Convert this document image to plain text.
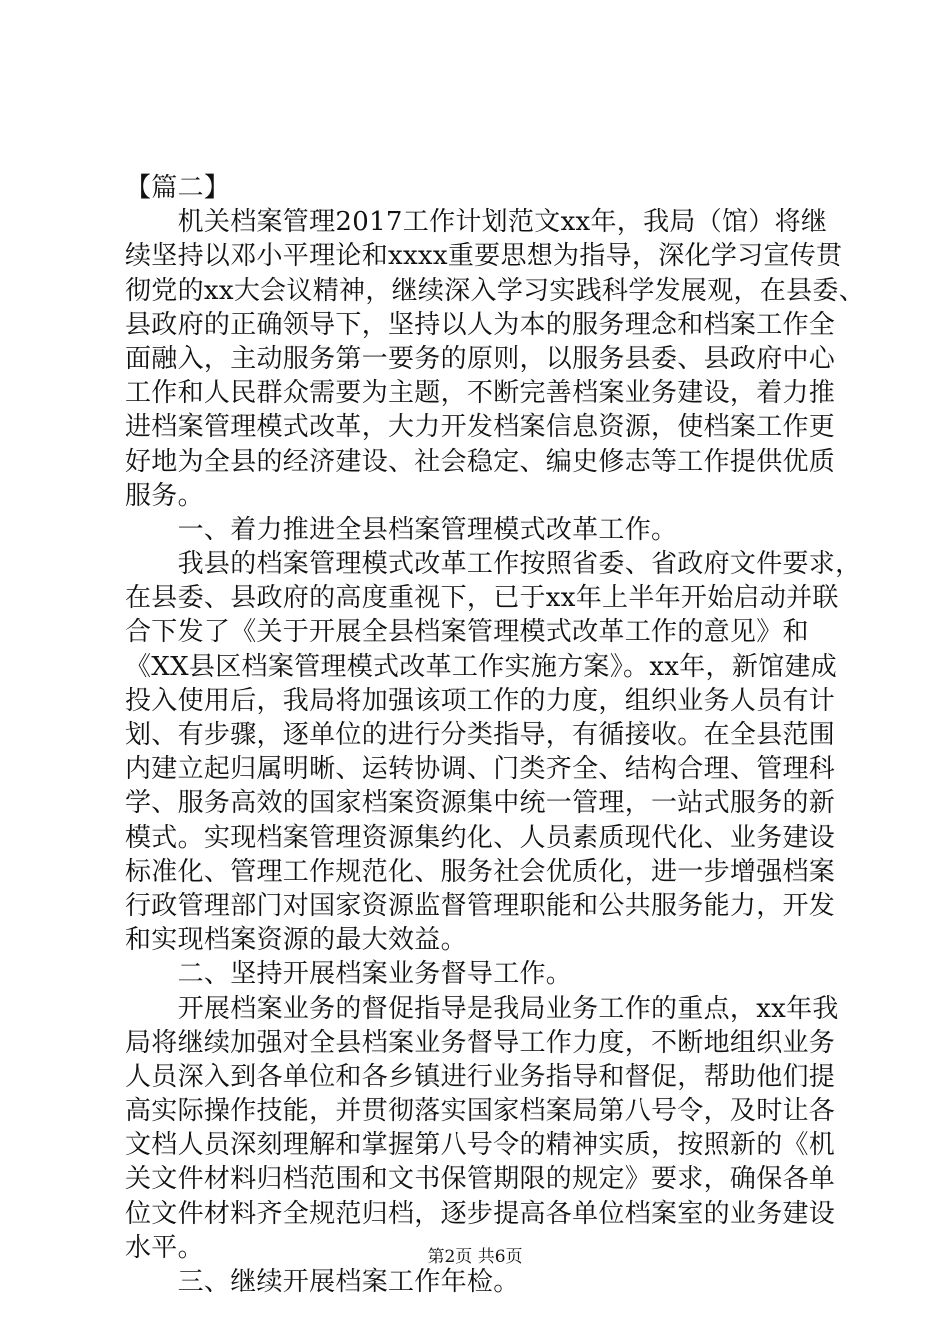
【篇二】
　　机关档案管理2017工作计划范文xx年，我局（馆）将继
续坚持以邓小平理论和xxxx重要思想为指导，深化学习宣传贯
彻党的xx大会议精神，继续深入学习实践科学发展观，在县委、
县政府的正确领导下，坚持以人为本的服务理念和档案工作全
面融入，主动服务第一要务的原则，以服务县委、县政府中心
工作和人民群众需要为主题，不断完善档案业务建设，着力推
进档案管理模式改革，大力开发档案信息资源，使档案工作更
好地为全县的经济建设、社会稳定、编史修志等工作提供优质
服务。
　　一、着力推进全县档案管理模式改革工作。
　　我县的档案管理模式改革工作按照省委、省政府文件要求，
在县委、县政府的高度重视下，已于xx年上半年开始启动并联
合下发了《关于开展全县档案管理模式改革工作的意见》和
《XX县区档案管理模式改革工作实施方案》。xx年，新馆建成
投入使用后，我局将加强该项工作的力度，组织业务人员有计
划、有步骤，逐单位的进行分类指导，有循接收。在全县范围
内建立起归属明晰、运转协调、门类齐全、结构合理、管理科
学、服务高效的国家档案资源集中统一管理，一站式服务的新
模式。实现档案管理资源集约化、人员素质现代化、业务建设
标准化、管理工作规范化、服务社会优质化，进一步增强档案
行政管理部门对国家资源监督管理职能和公共服务能力，开发
和实现档案资源的最大效益。
　　二、坚持开展档案业务督导工作。
　　开展档案业务的督促指导是我局业务工作的重点，xx年我
局将继续加强对全县档案业务督导工作力度，不断地组织业务
人员深入到各单位和各乡镇进行业务指导和督促，帮助他们提
高实际操作技能，并贯彻落实国家档案局第八号令，及时让各
文档人员深刻理解和掌握第八号令的精神实质，按照新的《机
关文件材料归档范围和文书保管期限的规定》要求，确保各单
位文件材料齐全规范归档，逐步提高各单位档案室的业务建设
水平。
　　三、继续开展档案工作年检。
第2页 共6页
